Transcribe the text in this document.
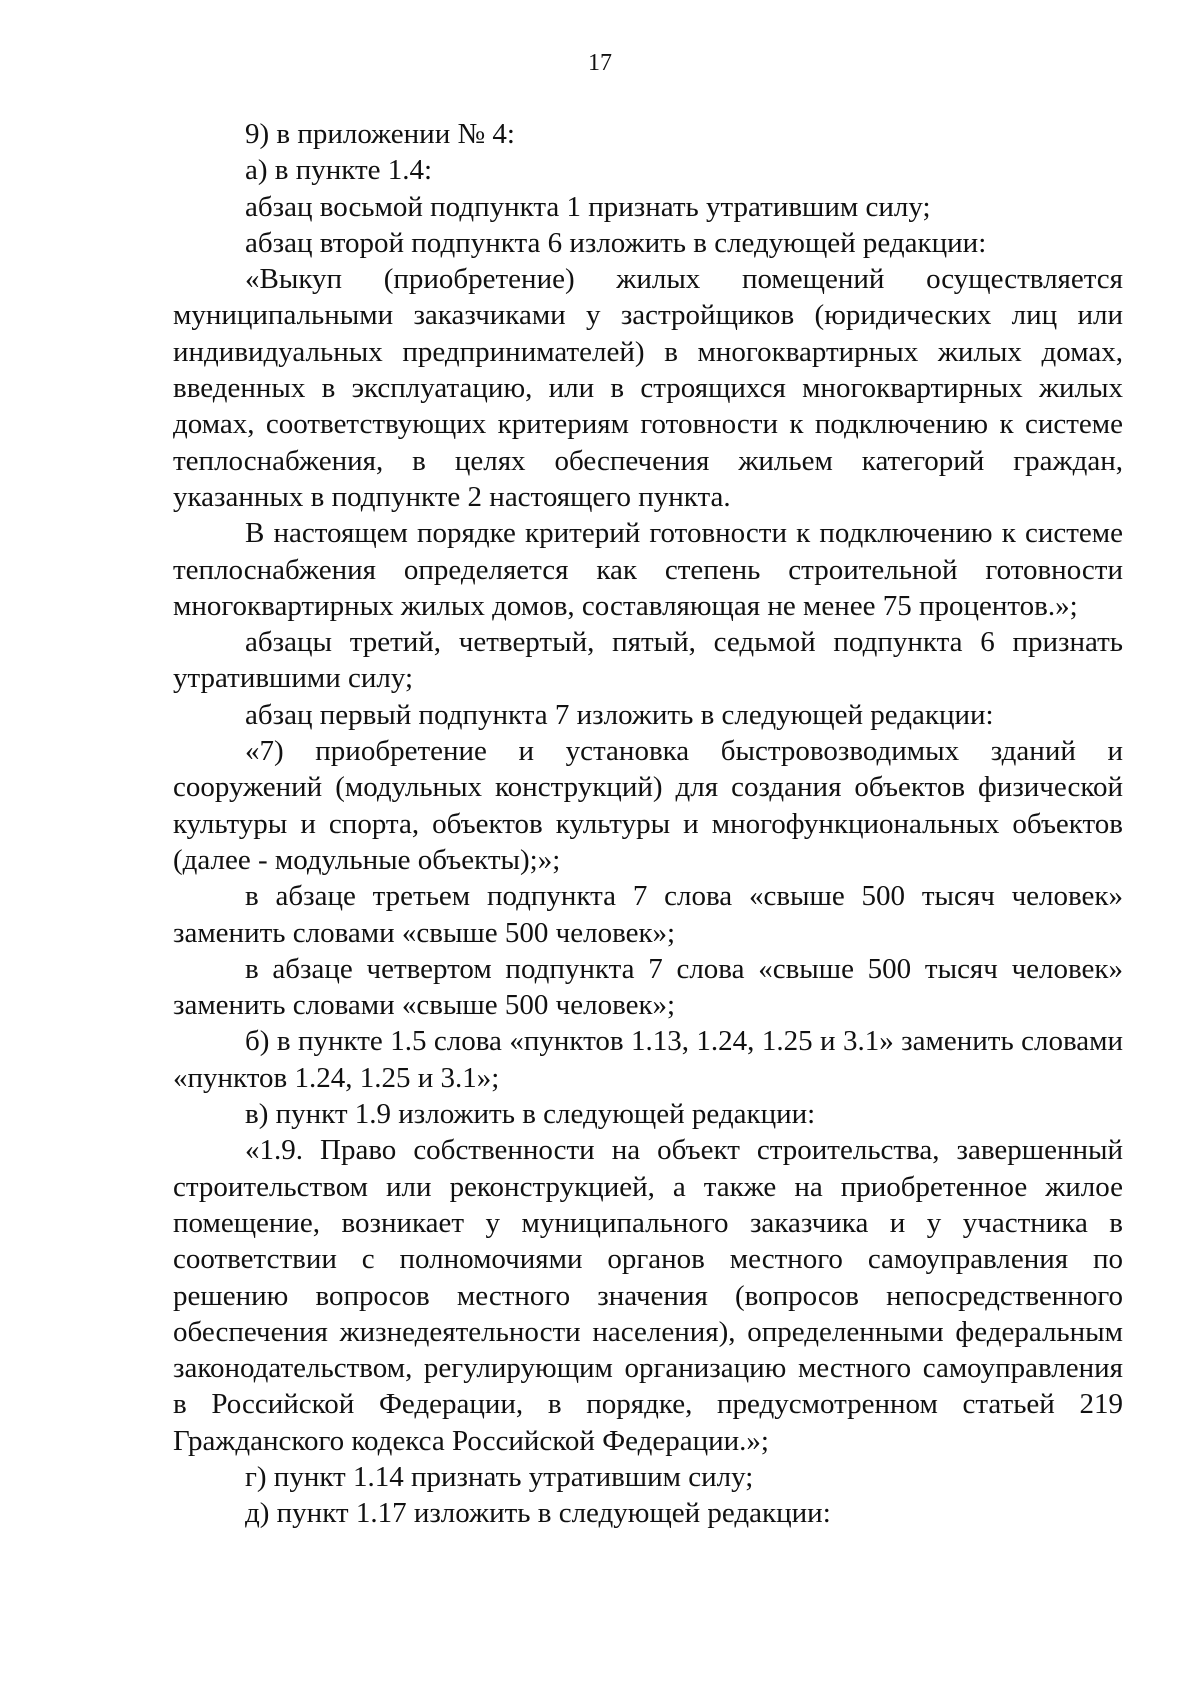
17

9) в приложении № 4:

а) в пункте 1.4:

абзац восьмой подпункта 1 признать утратившим силу;

абзац второй подпункта 6 изложить в следующей редакции:

«Выкуп (приобретение) жилых помещений осуществляется муниципальными заказчиками у застройщиков (юридических лиц или индивидуальных предпринимателей) в многоквартирных жилых домах, введенных в эксплуатацию, или в строящихся многоквартирных жилых домах, соответствующих критериям готовности к подключению к системе теплоснабжения, в целях обеспечения жильем категорий граждан, указанных в подпункте 2 настоящего пункта.

В настоящем порядке критерий готовности к подключению к системе теплоснабжения определяется как степень строительной готовности многоквартирных жилых домов, составляющая не менее 75 процентов.»;

абзацы третий, четвертый, пятый, седьмой подпункта 6 признать утратившими силу;

абзац первый подпункта 7 изложить в следующей редакции:

«7) приобретение и установка быстровозводимых зданий и сооружений (модульных конструкций) для создания объектов физической культуры и спорта, объектов культуры и многофункциональных объектов (далее - модульные объекты);»;

в абзаце третьем подпункта 7 слова «свыше 500 тысяч человек» заменить словами «свыше 500 человек»;

в абзаце четвертом подпункта 7 слова «свыше 500 тысяч человек» заменить словами «свыше 500 человек»;

б) в пункте 1.5 слова «пунктов 1.13, 1.24, 1.25 и 3.1» заменить словами «пунктов 1.24, 1.25 и 3.1»;

в) пункт 1.9 изложить в следующей редакции:

«1.9. Право собственности на объект строительства, завершенный строительством или реконструкцией, а также на приобретенное жилое помещение, возникает у муниципального заказчика и у участника в соответствии с полномочиями органов местного самоуправления по решению вопросов местного значения (вопросов непосредственного обеспечения жизнедеятельности населения), определенными федеральным законодательством, регулирующим организацию местного самоуправления в Российской Федерации, в порядке, предусмотренном статьей 219 Гражданского кодекса Российской Федерации.»;

г) пункт 1.14 признать утратившим силу;

д) пункт 1.17 изложить в следующей редакции:
